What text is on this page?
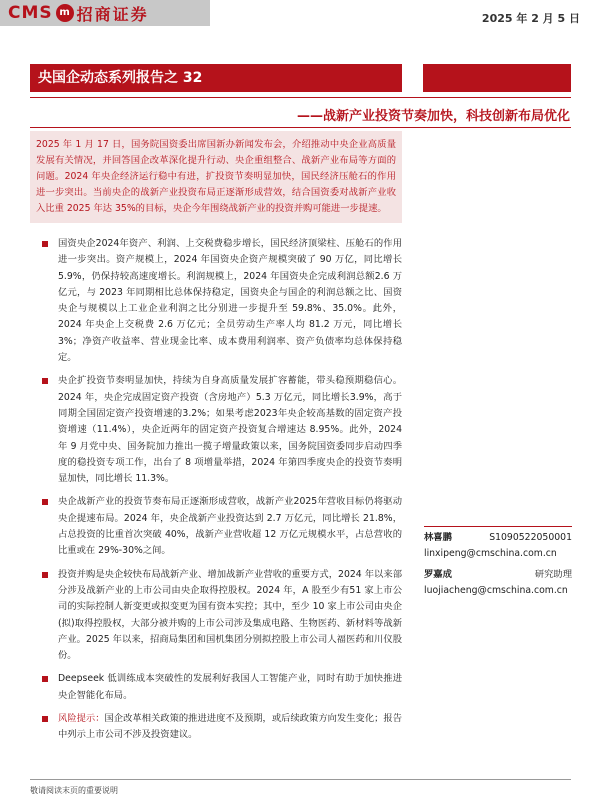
CMS m 招商证券	2025 年 2 月 5 日
央国企动态系列报告之 32
——战新产业投资节奏加快，科技创新布局优化
2025 年 1 月 17 日，国务院国资委出席国新办新闻发布会，介绍推动中央企业高质量发展有关情况，并回答国企改革深化提升行动、央企重组整合、战新产业布局等方面的问题。2024 年央企经济运行稳中有进，扩投资节奏明显加快，国民经济压舱石的作用进一步突出。当前央企的战新产业投资布局正逐渐形成营效，结合国资委对战新产业收入比重 2025 年达 35%的目标，央企今年围绕战新产业的投资并购可能进一步提速。
国资央企2024年资产、利润、上交税费稳步增长，国民经济顶梁柱、压舱石的作用进一步突出。资产规模上，2024 年国资央企资产规模突破了 90 万亿，同比增长 5.9%，仍保持较高速度增长。利润规模上，2024 年国资央企完成利润总额2.6 万亿元，与 2023 年同期相比总体保持稳定，国资央企与国企的利润总额之比、国资央企与规模以上工业企业利润之比分别进一步提升至 59.8%、35.0%。此外，2024 年央企上交税费 2.6 万亿元；全员劳动生产率人均 81.2 万元，同比增长 3%；净资产收益率、营业现金比率、成本费用利润率、资产负债率均总体保持稳定。
央企扩投资节奏明显加快，持续为自身高质量发展扩容蓄能，带头稳预期稳信心。2024 年，央企完成固定资产投资（含房地产）5.3 万亿元，同比增长3.9%，高于同期全国固定资产投资增速的3.2%；如果考虑2023年央企较高基数的固定资产投资增速（11.4%），央企近两年的固定资产投资复合增速达 8.95%。此外，2024 年 9 月党中央、国务院加力推出一揽子增量政策以来，国务院国资委同步启动四季度的稳投资专项工作，出台了 8 项增量举措，2024 年第四季度央企的投资节奏明显加快，同比增长 11.3%。
央企战新产业的投资节奏布局正逐渐形成营收，战新产业2025年营收目标仍将驱动央企提速布局。2024 年，央企战新产业投资达到 2.7 万亿元，同比增长 21.8%，占总投资的比重首次突破 40%，战新产业营收超 12 万亿元规模水平，占总营收的比重或在 29%-30%之间。
投资并购是央企较快布局战新产业、增加战新产业营收的重要方式，2024 年以来部分涉及战新产业的上市公司由央企取得控股权。2024 年，A 股至少有51 家上市公司的实际控制人新变更或拟变更为国有资本实控；其中，至少 10 家上市公司由央企(拟)取得控股权，大部分被并购的上市公司涉及集成电路、生物医药、新材料等战新产业。2025 年以来，招商局集团和国机集团分别拟控股上市公司人福医药和川仪股份。
Deepseek 低训练成本突破性的发展利好我国人工智能产业，同时有助于加快推进央企智能化布局。
风险提示：国企改革相关政策的推进进度不及预期，或后续政策方向发生变化；报告中列示上市公司不涉及投资建议。
林喜鹏	S1090522050001
linxipeng@cmschina.com.cn
罗嘉成	研究助理
luojiacheng@cmschina.com.cn
敬请阅读末页的重要说明
